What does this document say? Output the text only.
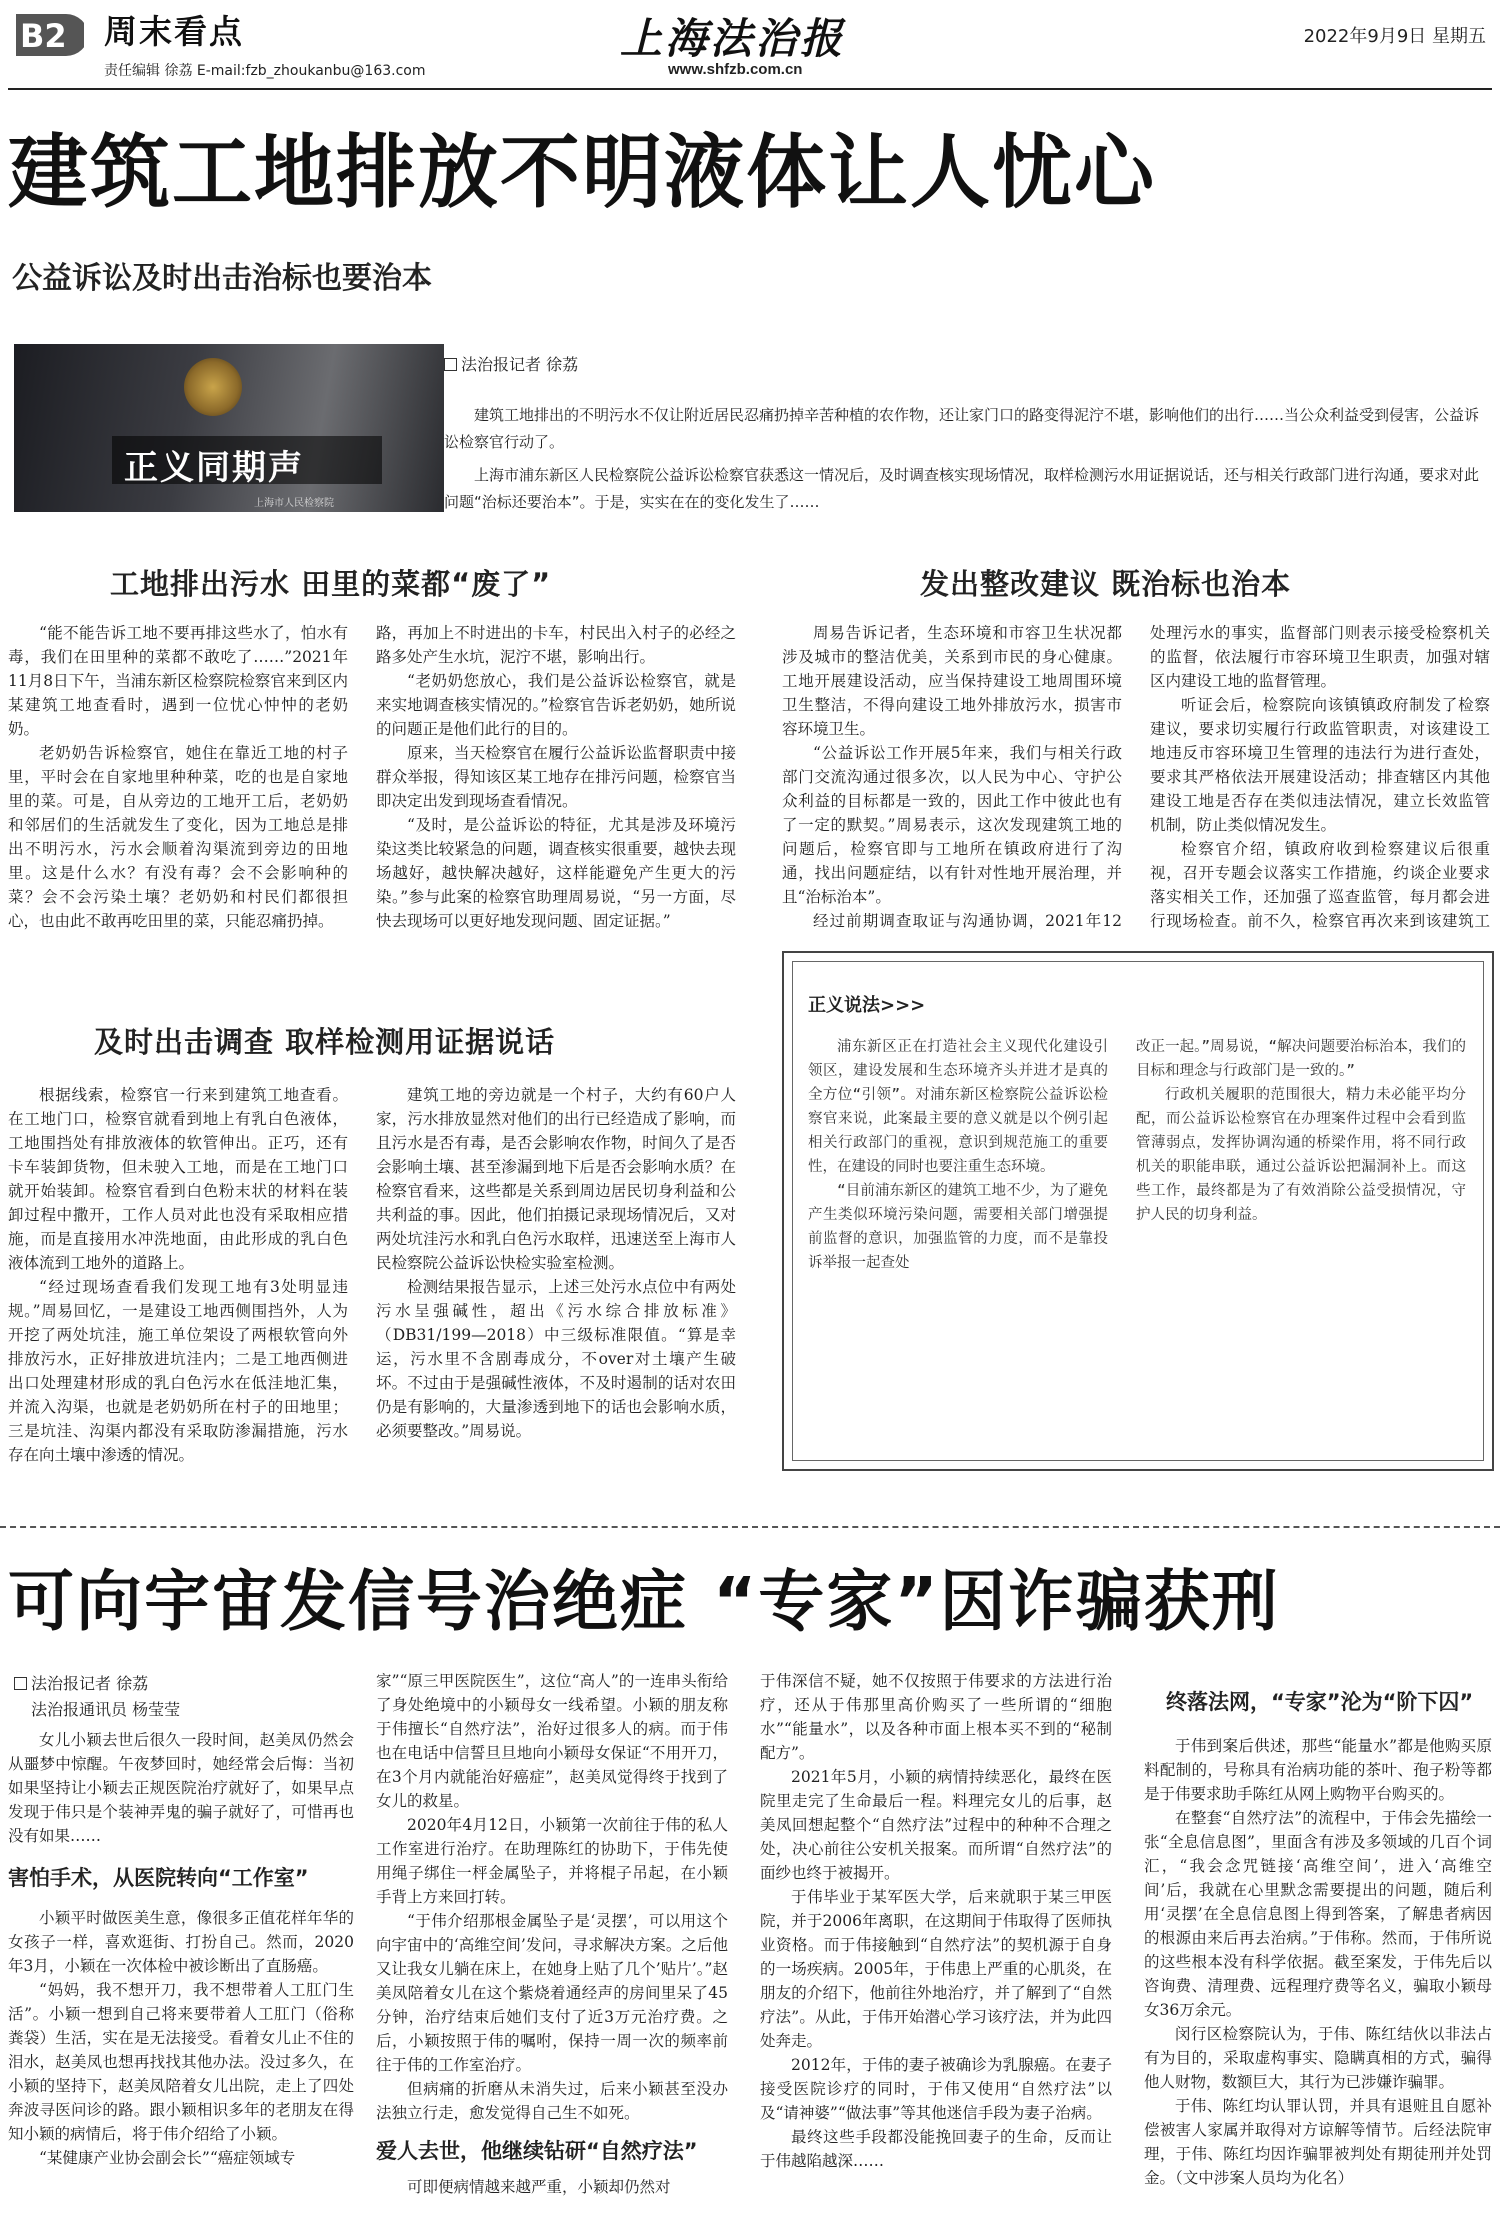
B2 周末看点
责任编辑 徐荔 E-mail:fzb_zhoukanbu@163.com
上海法治报
www.shfzb.com.cn
2022年9月9日 星期五
建筑工地排放不明液体让人忧心
公益诉讼及时出击治标也要治本
正义同期声
上海市人民检察院
法治报记者 徐荔

建筑工地排出的不明污水不仅让附近居民忍痛扔掉辛苦种植的农作物，还让家门口的路变得泥泞不堪，影响他们的出行……当公众利益受到侵害，公益诉讼检察官行动了。

上海市浦东新区人民检察院公益诉讼检察官获悉这一情况后，及时调查核实现场情况，取样检测污水用证据说话，还与相关行政部门进行沟通，要求对此问题“治标还要治本”。于是，实实在在的变化发生了……

工地排出污水 田里的菜都“废了”	发出整改建议 既治标也治本

“能不能告诉工地不要再排这些水了，怕水有毒，我们在田里种的菜都不敢吃了……”2021年11月8日下午，当浦东新区检察院检察官来到区内某建筑工地查看时，遇到一位忧心忡忡的老奶奶。

老奶奶告诉检察官，她住在靠近工地的村子里，平时会在自家地里种种菜，吃的也是自家地里的菜。可是，自从旁边的工地开工后，老奶奶和邻居们的生活就发生了变化，因为工地总是排出不明污水，污水会顺着沟渠流到旁边的田地里。这是什么水？有没有毒？会不会影响种的菜？会不会污染土壤？老奶奶和村民们都很担心，也由此不敢再吃田里的菜，只能忍痛扔掉。

路，再加上不时进出的卡车，村民出入村子的必经之路多处产生水坑，泥泞不堪，影响出行。

“老奶奶您放心，我们是公益诉讼检察官，就是来实地调查核实情况的。”检察官告诉老奶奶，她所说的问题正是他们此行的目的。

原来，当天检察官在履行公益诉讼监督职责中接群众举报，得知该区某工地存在排污问题，检察官当即决定出发到现场查看情况。

“及时，是公益诉讼的特征，尤其是涉及环境污染这类比较紧急的问题，调查核实很重要，越快去现场越好，越快解决越好，这样能避免产生更大的污染。”参与此案的检察官助理周易说，“另一方面，尽快去现场可以更好地发现问题、固定证据。”

周易告诉记者，生态环境和市容卫生状况都涉及城市的整洁优美，关系到市民的身心健康。工地开展建设活动，应当保持建设工地周围环境卫生整洁，不得向建设工地外排放污水，损害市容环境卫生。

“公益诉讼工作开展5年来，我们与相关行政部门交流沟通过很多次，以人民为中心、守护公众利益的目标都是一致的，因此工作中彼此也有了一定的默契。”周易表示，这次发现建筑工地的问题后，检察官即与工地所在镇政府进行了沟通，找出问题症结，以有针对性地开展治理，并且“治标治本”。

经过前期调查取证与沟通协调，2021年12

处理污水的事实，监督部门则表示接受检察机关的监督，依法履行市容环境卫生职责，加强对辖区内建设工地的监督管理。

听证会后，检察院向该镇镇政府制发了检察建议，要求切实履行行政监管职责，对该建设工地违反市容环境卫生管理的违法行为进行查处，要求其严格依法开展建设活动；排查辖区内其他建设工地是否存在类似违法情况，建立长效监管机制，防止类似情况发生。

检察官介绍，镇政府收到检察建议后很重视，召开专题会议落实工作措施，约谈企业要求落实相关工作，还加强了巡查监管，每月都会进行现场检查。前不久，检察官再次来到该建筑工

及时出击调查 取样检测用证据说话

根据线索，检察官一行来到建筑工地查看。在工地门口，检察官就看到地上有乳白色液体，工地围挡处有排放液体的软管伸出。正巧，还有卡车装卸货物，但未驶入工地，而是在工地门口就开始装卸。检察官看到白色粉末状的材料在装卸过程中撒开，工作人员对此也没有采取相应措施，而是直接用水冲洗地面，由此形成的乳白色液体流到工地外的道路上。

“经过现场查看我们发现工地有3处明显违规。”周易回忆，一是建设工地西侧围挡外，人为开挖了两处坑洼，施工单位架设了两根软管向外排放污水，正好排放进坑洼内；二是工地西侧进出口处理建材形成的乳白色污水在低洼地汇集，并流入沟渠，也就是老奶奶所在村子的田地里；三是坑洼、沟渠内都没有采取防渗漏措施，污水存在向土壤中渗透的情况。

建筑工地的旁边就是一个村子，大约有60户人家，污水排放显然对他们的出行已经造成了影响，而且污水是否有毒，是否会影响农作物，时间久了是否会影响土壤、甚至渗漏到地下后是否会影响水质？在检察官看来，这些都是关系到周边居民切身利益和公共利益的事。因此，他们拍摄记录现场情况后，又对两处坑洼污水和乳白色污水取样，迅速送至上海市人民检察院公益诉讼快检实验室检测。

检测结果报告显示，上述三处污水点位中有两处污水呈强碱性，超出《污水综合排放标准》（DB31/199—2018）中三级标准限值。“算是幸运，污水里不含剧毒成分，不over对土壤产生破坏。不过由于是强碱性液体，不及时遏制的话对农田仍是有影响的，大量渗透到地下的话也会影响水质，必须要整改。”周易说。

正义说法>>>

浦东新区正在打造社会主义现代化建设引领区，建设发展和生态环境齐头并进才是真的全方位“引领”。对浦东新区检察院公益诉讼检察官来说，此案最主要的意义就是以个例引起相关行政部门的重视，意识到规范施工的重要性，在建设的同时也要注重生态环境。

“目前浦东新区的建筑工地不少，为了避免产生类似环境污染问题，需要相关部门增强提前监督的意识，加强监管的力度，而不是靠投诉举报一起查处

改正一起。”周易说，“解决问题要治标治本，我们的目标和理念与行政部门是一致的。”

行政机关履职的范围很大，精力未必能平均分配，而公益诉讼检察官在办理案件过程中会看到监管薄弱点，发挥协调沟通的桥梁作用，将不同行政机关的职能串联，通过公益诉讼把漏洞补上。而这些工作，最终都是为了有效消除公益受损情况，守护人民的切身利益。

可向宇宙发信号治绝症 “专家”因诈骗获刑
法治报记者 徐荔
法治报通讯员 杨莹莹

女儿小颖去世后很久一段时间，赵美凤仍然会从噩梦中惊醒。午夜梦回时，她经常会后悔：当初如果坚持让小颖去正规医院治疗就好了，如果早点发现于伟只是个装神弄鬼的骗子就好了，可惜再也没有如果……

害怕手术，从医院转向“工作室”

小颖平时做医美生意，像很多正值花样年华的女孩子一样，喜欢逛街、打扮自己。然而，2020年3月，小颖在一次体检中被诊断出了直肠癌。

“妈妈，我不想开刀，我不想带着人工肛门生活”。小颖一想到自己将来要带着人工肛门（俗称粪袋）生活，实在是无法接受。看着女儿止不住的泪水，赵美凤也想再找找其他办法。没过多久，在小颖的坚持下，赵美凤陪着女儿出院，走上了四处奔波寻医问诊的路。跟小颖相识多年的老朋友在得知小颖的病情后，将于伟介绍给了小颖。

“某健康产业协会副会长”“癌症领域专

家”“原三甲医院医生”，这位“高人”的一连串头衔给了身处绝境中的小颖母女一线希望。小颖的朋友称于伟擅长“自然疗法”，治好过很多人的病。而于伟也在电话中信誓旦旦地向小颖母女保证“不用开刀，在3个月内就能治好癌症”，赵美凤觉得终于找到了女儿的救星。

2020年4月12日，小颖第一次前往于伟的私人工作室进行治疗。在助理陈红的协助下，于伟先使用绳子绑住一枰金属坠子，并将棍子吊起，在小颖手背上方来回打转。

“于伟介绍那根金属坠子是‘灵摆’，可以用这个向宇宙中的‘高维空间’发问，寻求解决方案。之后他又让我女儿躺在床上，在她身上贴了几个’贴片’。”赵美凤陪着女儿在这个紫烧着通经声的房间里呆了45分钟，治疗结束后她们支付了近3万元治疗费。之后，小颖按照于伟的嘱咐，保持一周一次的频率前往于伟的工作室治疗。

但病痛的折磨从未消失过，后来小颖甚至没办法独立行走，愈发觉得自己生不如死。

爱人去世，他继续钻研“自然疗法”

可即便病情越来越严重，小颖却仍然对

于伟深信不疑，她不仅按照于伟要求的方法进行治疗，还从于伟那里高价购买了一些所谓的“细胞水”“能量水”，以及各种市面上根本买不到的“秘制配方”。

2021年5月，小颖的病情持续恶化，最终在医院里走完了生命最后一程。料理完女儿的后事，赵美凤回想起整个“自然疗法”过程中的种种不合理之处，决心前往公安机关报案。而所谓“自然疗法”的面纱也终于被揭开。

于伟毕业于某军医大学，后来就职于某三甲医院，并于2006年离职，在这期间于伟取得了医师执业资格。而于伟接触到“自然疗法”的契机源于自身的一场疾病。2005年，于伟患上严重的心肌炎，在朋友的介绍下，他前往外地治疗，并了解到了“自然疗法”。从此，于伟开始潜心学习该疗法，并为此四处奔走。

2012年，于伟的妻子被确诊为乳腺癌。在妻子接受医院诊疗的同时，于伟又使用“自然疗法”以及“请神婆”“做法事”等其他迷信手段为妻子治病。

最终这些手段都没能挽回妻子的生命，反而让于伟越陷越深……

终落法网，“专家”沦为“阶下囚”

于伟到案后供述，那些“能量水”都是他购买原料配制的，号称具有治病功能的茶叶、孢子粉等都是于伟要求助手陈红从网上购物平台购买的。

在整套“自然疗法”的流程中，于伟会先描绘一张“全息信息图”，里面含有涉及多领域的几百个词汇，“我会念咒链接‘高维空间’，进入‘高维空间’后，我就在心里默念需要提出的问题，随后利用‘灵摆’在全息信息图上得到答案，了解患者病因的根源由来后再去治病。”于伟称。然而，于伟所说的这些根本没有科学依据。截至案发，于伟先后以咨询费、清理费、远程理疗费等名义，骗取小颖母女36万余元。

闵行区检察院认为，于伟、陈红结伙以非法占有为目的，采取虚构事实、隐瞒真相的方式，骗得他人财物，数额巨大，其行为已涉嫌诈骗罪。

于伟、陈红均认罪认罚，并具有退赃且自愿补偿被害人家属并取得对方谅解等情节。后经法院审理，于伟、陈红均因诈骗罪被判处有期徒刑并处罚金。（文中涉案人员均为化名）
